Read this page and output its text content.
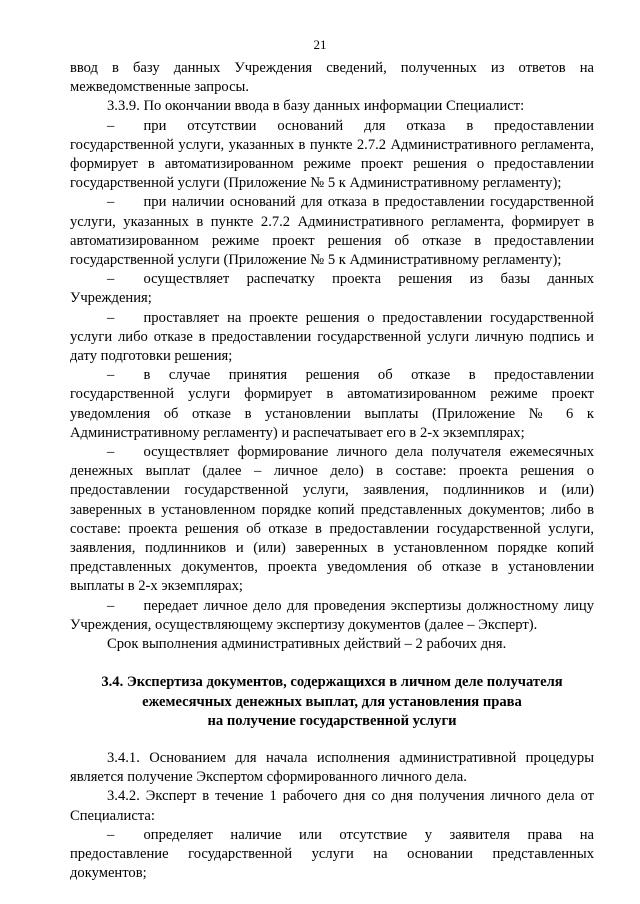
21

ввод в базу данных Учреждения сведений, полученных из ответов на межведомственные запросы.

3.3.9. По окончании ввода в базу данных информации Специалист:

–  при отсутствии оснований для отказа в предоставлении государственной услуги, указанных в пункте 2.7.2 Административного регламента, формирует в автоматизированном режиме проект решения о предоставлении государственной услуги (Приложение № 5 к Административному регламенту);

–  при наличии оснований для отказа в предоставлении государственной услуги, указанных в пункте 2.7.2 Административного регламента, формирует в автоматизированном режиме проект решения об отказе в предоставлении государственной услуги (Приложение № 5 к Административному регламенту);

–  осуществляет распечатку проекта решения из базы данных Учреждения;

–  проставляет на проекте решения о предоставлении государственной услуги либо отказе в предоставлении государственной услуги личную подпись и дату подготовки решения;

–  в случае принятия решения об отказе в предоставлении государственной услуги формирует в автоматизированном режиме проект уведомления об отказе в установлении выплаты (Приложение № 6 к Административному регламенту) и распечатывает его в 2-х экземплярах;

–  осуществляет формирование личного дела получателя ежемесячных денежных выплат (далее – личное дело) в составе: проекта решения о предоставлении государственной услуги, заявления, подлинников и (или) заверенных в установленном порядке копий представленных документов; либо в составе: проекта решения об отказе в предоставлении государственной услуги, заявления, подлинников и (или) заверенных в установленном порядке копий представленных документов, проекта уведомления об отказе в установлении выплаты в 2-х экземплярах;

–  передает личное дело для проведения экспертизы должностному лицу Учреждения, осуществляющему экспертизу документов (далее – Эксперт).

Срок выполнения административных действий – 2 рабочих дня.

3.4. Экспертиза документов, содержащихся в личном деле получателя

ежемесячных денежных выплат, для установления права

на получение государственной услуги

3.4.1. Основанием для начала исполнения административной процедуры является получение Экспертом сформированного личного дела.

3.4.2. Эксперт в течение 1 рабочего дня со дня получения личного дела от Специалиста:

–  определяет наличие или отсутствие у заявителя права на предоставление государственной услуги на основании представленных документов;
